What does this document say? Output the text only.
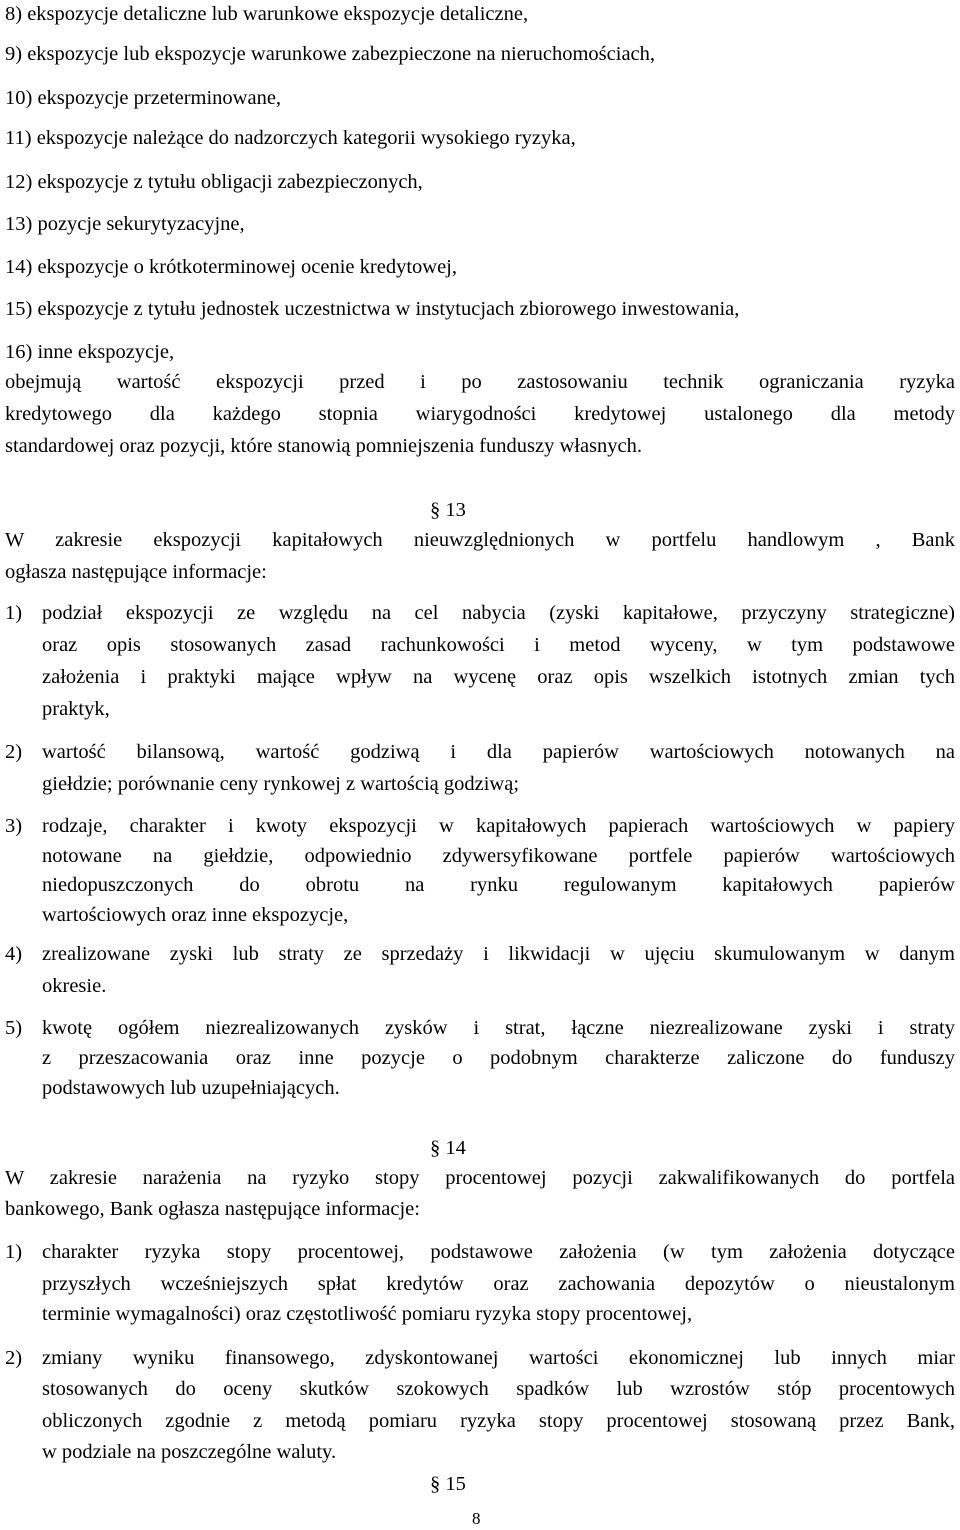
8) ekspozycje detaliczne lub warunkowe ekspozycje detaliczne,
9) ekspozycje lub ekspozycje warunkowe zabezpieczone na nieruchomościach,
10) ekspozycje przeterminowane,
11) ekspozycje należące do nadzorczych kategorii wysokiego ryzyka,
12) ekspozycje z tytułu obligacji zabezpieczonych,
13) pozycje sekurytyzacyjne,
14) ekspozycje o krótkoterminowej ocenie kredytowej,
15) ekspozycje z tytułu jednostek uczestnictwa w instytucjach zbiorowego inwestowania,
16) inne ekspozycje,
obejmują wartość ekspozycji przed i po zastosowaniu technik ograniczania ryzyka
kredytowego dla każdego stopnia wiarygodności kredytowej ustalonego dla metody
standardowej oraz pozycji, które stanowią pomniejszenia funduszy własnych.
§ 13
W zakresie ekspozycji kapitałowych nieuwzględnionych w portfelu handlowym , Bank
ogłasza następujące informacje:
1) podział ekspozycji ze względu na cel nabycia (zyski kapitałowe, przyczyny strategiczne)
oraz opis stosowanych zasad rachunkowości i metod wyceny, w tym podstawowe
założenia i praktyki mające wpływ na wycenę oraz opis wszelkich istotnych zmian tych
praktyk,
2) wartość bilansową, wartość godziwą i dla papierów wartościowych notowanych na
giełdzie; porównanie ceny rynkowej z wartością godziwą;
3) rodzaje, charakter i kwoty ekspozycji w kapitałowych papierach wartościowych w papiery
notowane na giełdzie, odpowiednio zdywersyfikowane portfele papierów wartościowych
niedopuszczonych do obrotu na rynku regulowanym kapitałowych papierów
wartościowych oraz inne ekspozycje,
4) zrealizowane zyski lub straty ze sprzedaży i likwidacji w ujęciu skumulowanym w danym
okresie.
5) kwotę ogółem niezrealizowanych zysków i strat, łączne niezrealizowane zyski i straty
z przeszacowania oraz inne pozycje o podobnym charakterze zaliczone do funduszy
podstawowych lub uzupełniających.
§ 14
W zakresie narażenia na ryzyko stopy procentowej pozycji zakwalifikowanych do portfela
bankowego, Bank ogłasza następujące informacje:
1) charakter ryzyka stopy procentowej, podstawowe założenia (w tym założenia dotyczące
przyszłych wcześniejszych spłat kredytów oraz zachowania depozytów o nieustalonym
terminie wymagalności) oraz częstotliwość pomiaru ryzyka stopy procentowej,
2) zmiany wyniku finansowego, zdyskontowanej wartości ekonomicznej lub innych miar
stosowanych do oceny skutków szokowych spadków lub wzrostów stóp procentowych
obliczonych zgodnie z metodą pomiaru ryzyka stopy procentowej stosowaną przez Bank,
w podziale na poszczególne waluty.
§ 15
8
